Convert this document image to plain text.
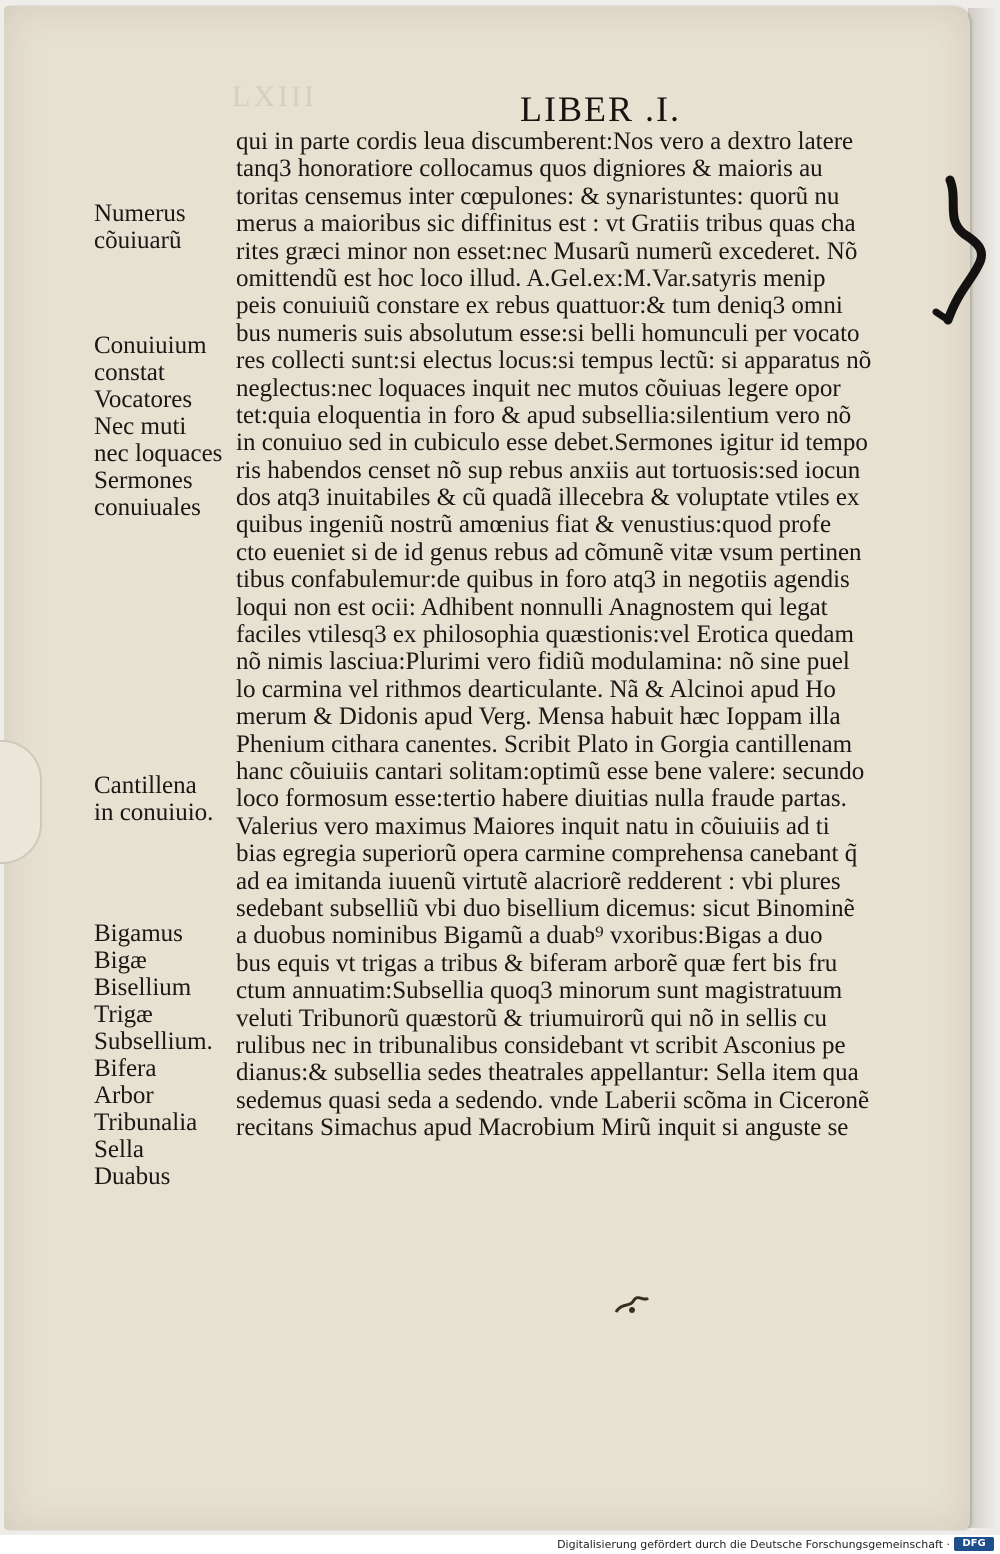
LXIII	LIBER .I.
qui in parte cordis leua discumberent:Nos vero a dextro latere
tanq3 honoratiore collocamus quos digniores & maioris au
toritas censemus inter cœpulones: & synaristuntes: quorũ nu
merus a maioribus sic diffinitus est : vt Gratiis tribus quas cha
rites græci minor non esset:nec Musarũ numerũ excederet. Nõ
omittendũ est hoc loco illud. A.Gel.ex:M.Var.satyris menip
peis conuiuiũ constare ex rebus quattuor:& tum deniq3 omni
bus numeris suis absolutum esse:si belli homunculi per vocato
res collecti sunt:si electus locus:si tempus lectũ: si apparatus nõ
neglectus:nec loquaces inquit nec mutos cõuiuas legere opor
tet:quia eloquentia in foro & apud subsellia:silentium vero nõ
in conuiuo sed in cubiculo esse debet.Sermones igitur id tempo
ris habendos censet nõ sup rebus anxiis aut tortuosis:sed iocun
dos atq3 inuitabiles & cũ quadã illecebra & voluptate vtiles ex
quibus ingeniũ nostrũ amœnius fiat & venustius:quod profe
cto eueniet si de id genus rebus ad cõmunẽ vitæ vsum pertinen
tibus confabulemur:de quibus in foro atq3 in negotiis agendis
loqui non est ocii: Adhibent nonnulli Anagnostem qui legat
faciles vtilesq3 ex philosophia quæstionis:vel Erotica quedam
nõ nimis lasciua:Plurimi vero fidiũ modulamina: nõ sine puel
lo carmina vel rithmos dearticulante. Nã & Alcinoi apud Ho
merum & Didonis apud Verg. Mensa habuit hæc Ioppam illa
Phenium cithara canentes. Scribit Plato in Gorgia cantillenam
hanc cõuiuiis cantari solitam:optimũ esse bene valere: secundo
loco formosum esse:tertio habere diuitias nulla fraude partas.
Valerius vero maximus Maiores inquit natu in cõuiuiis ad ti
bias egregia superiorũ opera carmine comprehensa canebant q̃
ad ea imitanda iuuenũ virtutẽ alacriorẽ redderent : vbi plures
sedebant subselliũ vbi duo bisellium dicemus: sicut Binominẽ
a duobus nominibus Bigamũ a duab⁹ vxoribus:Bigas a duo
bus equis vt trigas a tribus & biferam arborẽ quæ fert bis fru
ctum annuatim:Subsellia quoq3 minorum sunt magistratuum
veluti Tribunorũ quæstorũ & triumuirorũ qui nõ in sellis cu
rulibus nec in tribunalibus considebant vt scribit Asconius pe
dianus:& subsellia sedes theatrales appellantur: Sella item qua
sedemus quasi seda a sedendo. vnde Laberii scõma in Ciceronẽ
recitans Simachus apud Macrobium Mirũ inquit si anguste se
Numerus
cõuiuarũ
Conuiuium
constat
Vocatores
Nec muti
nec loquaces
Sermones
conuiuales
Cantillena
in conuiuio.
Bigamus
Bigæ
Bisellium
Trigæ
Subsellium.
Bifera
Arbor
Tribunalia
Sella
Duabus
Digitalisierung gefördert durch die Deutsche Forschungsgemeinschaft ·	DFG
